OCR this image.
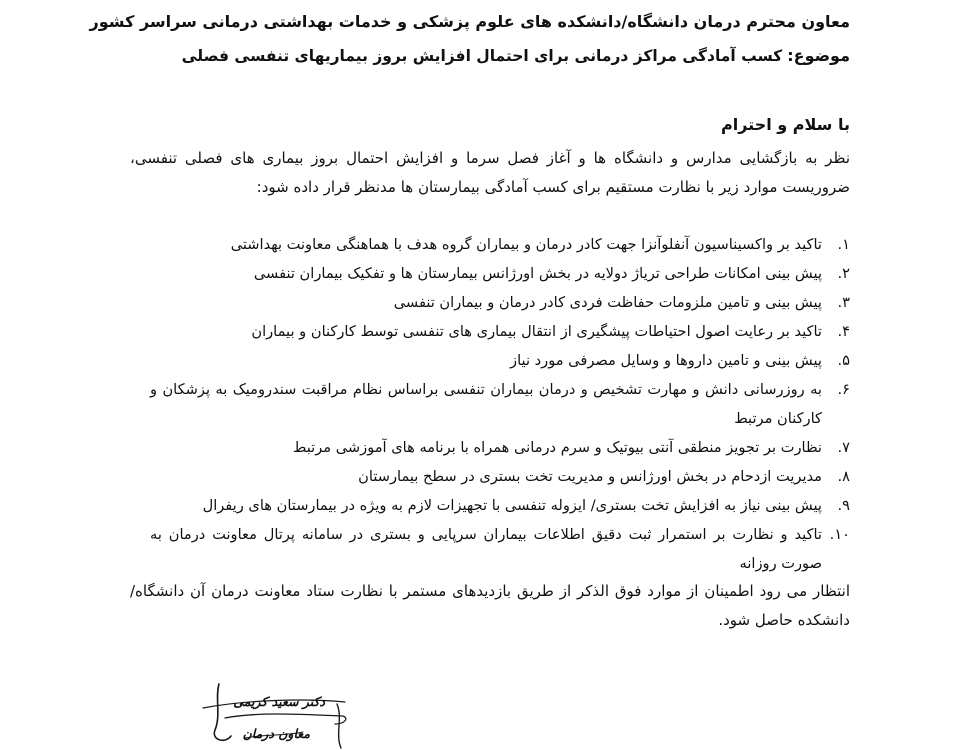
معاون محترم درمان دانشگاه/دانشکده های علوم پزشکی و خدمات بهداشتی درمانی سراسر کشور
موضوع: کسب آمادگی مراکز درمانی برای احتمال افزایش بروز بیماریهای تنفسی فصلی
با سلام و احترام
نظر به بازگشایی مدارس و دانشگاه ها و آغاز فصل سرما و افزایش احتمال بروز بیماری های فصلی تنفسی، ضروریست موارد زیر با نظارت مستقیم برای کسب آمادگی بیمارستان ها مدنظر قرار داده شود:
۱.
تاکید بر واکسیناسیون آنفلوآنزا جهت کادر درمان و بیماران گروه هدف با هماهنگی معاونت بهداشتی
۲.
پیش بینی امکانات طراحی تریاژ دولایه در بخش اورژانس بیمارستان ها و تفکیک بیماران تنفسی
۳.
پیش بینی و تامین ملزومات حفاظت فردی کادر درمان و بیماران تنفسی
۴.
تاکید بر رعایت اصول احتیاطات پیشگیری از انتقال بیماری های تنفسی توسط کارکنان و بیماران
۵.
پیش بینی و تامین داروها و وسایل مصرفی مورد نیاز
۶.
به روزرسانی دانش و مهارت تشخیص و درمان بیماران تنفسی براساس نظام مراقبت سندرومیک به پزشکان و کارکنان مرتبط
۷.
نظارت بر تجویز منطقی آنتی بیوتیک و سرم درمانی همراه با برنامه های آموزشی مرتبط
۸.
مدیریت ازدحام در بخش اورژانس و مدیریت تخت بستری در سطح بیمارستان
۹.
پیش بینی نیاز به افزایش تخت بستری/ ایزوله تنفسی با تجهیزات لازم به ویژه در بیمارستان های ریفرال
۱۰.
تاکید و نظارت بر استمرار ثبت دقیق اطلاعات بیماران سرپایی و بستری در سامانه پرتال معاونت درمان به صورت روزانه
انتظار می رود اطمینان از موارد فوق الذکر از طریق بازدیدهای مستمر با نظارت ستاد معاونت درمان آن دانشگاه/دانشکده حاصل شود.
دکتر سعید کریمی
معاون درمان
